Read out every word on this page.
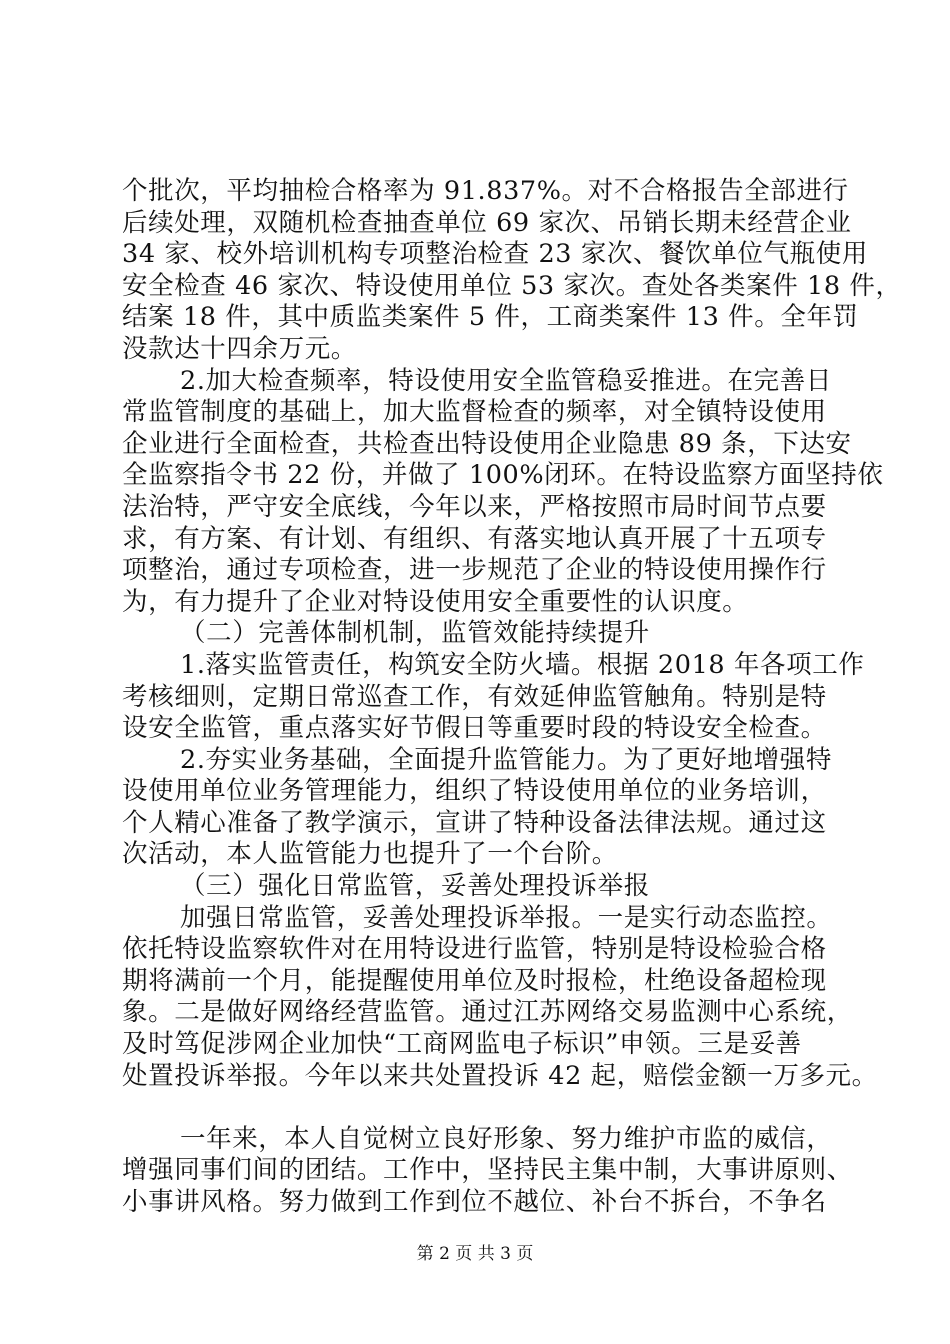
个批次，平均抽检合格率为 91.837%。对不合格报告全部进行
后续处理，双随机检查抽查单位 69 家次、吊销长期未经营企业
34 家、校外培训机构专项整治检查 23 家次、餐饮单位气瓶使用
安全检查 46 家次、特设使用单位 53 家次。查处各类案件 18 件，
结案 18 件，其中质监类案件 5 件，工商类案件 13 件。全年罚
没款达十四余万元。
2.加大检查频率，特设使用安全监管稳妥推进。在完善日
常监管制度的基础上，加大监督检查的频率，对全镇特设使用
企业进行全面检查，共检查出特设使用企业隐患 89 条，下达安
全监察指令书 22 份，并做了 100%闭环。在特设监察方面坚持依
法治特，严守安全底线，今年以来，严格按照市局时间节点要
求，有方案、有计划、有组织、有落实地认真开展了十五项专
项整治，通过专项检查，进一步规范了企业的特设使用操作行
为，有力提升了企业对特设使用安全重要性的认识度。
（二）完善体制机制，监管效能持续提升
1.落实监管责任，构筑安全防火墙。根据 2018 年各项工作
考核细则，定期日常巡查工作，有效延伸监管触角。特别是特
设安全监管，重点落实好节假日等重要时段的特设安全检查。
2.夯实业务基础，全面提升监管能力。为了更好地增强特
设使用单位业务管理能力，组织了特设使用单位的业务培训，
个人精心准备了教学演示，宣讲了特种设备法律法规。通过这
次活动，本人监管能力也提升了一个台阶。
（三）强化日常监管，妥善处理投诉举报
加强日常监管，妥善处理投诉举报。一是实行动态监控。
依托特设监察软件对在用特设进行监管，特别是特设检验合格
期将满前一个月，能提醒使用单位及时报检，杜绝设备超检现
象。二是做好网络经营监管。通过江苏网络交易监测中心系统，
及时笃促涉网企业加快“工商网监电子标识”申领。三是妥善
处置投诉举报。今年以来共处置投诉 42 起，赔偿金额一万多元。
一年来，本人自觉树立良好形象、努力维护市监的威信，
增强同事们间的团结。工作中，坚持民主集中制，大事讲原则、
小事讲风格。努力做到工作到位不越位、补台不拆台，不争名
第 2 页 共 3 页
